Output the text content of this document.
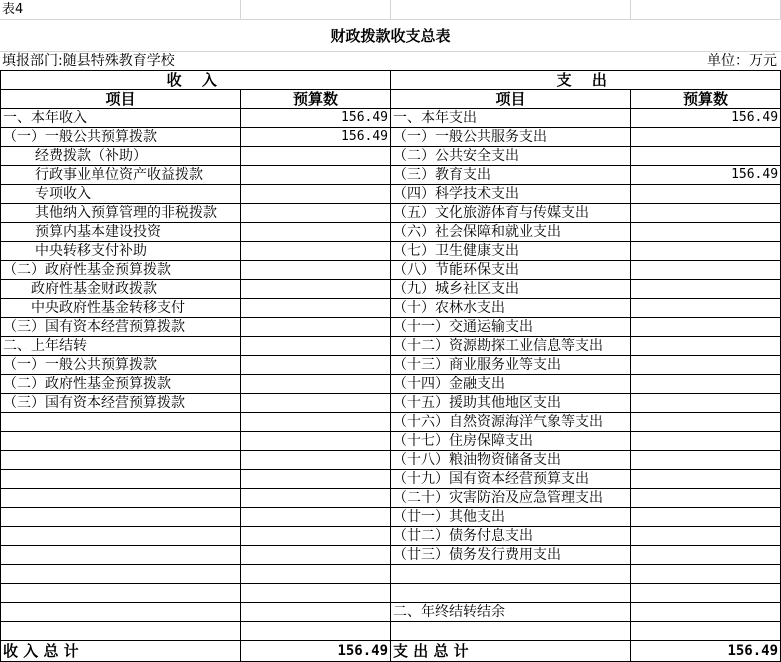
表4
财政拨款收支总表
填报部门:随县特殊教育学校	单位：万元
收 入		支 出	
项目	预算数	项目	预算数
一、本年收入	156.49	一、本年支出	156.49
（一）一般公共预算拨款	156.49	（一）一般公共服务支出	
经费拨款（补助）		（二）公共安全支出	
行政事业单位资产收益拨款		（三）教育支出	156.49
专项收入		（四）科学技术支出	
其他纳入预算管理的非税拨款		（五）文化旅游体育与传媒支出	
预算内基本建设投资		（六）社会保障和就业支出	
中央转移支付补助		（七）卫生健康支出	
（二）政府性基金预算拨款		（八）节能环保支出	
政府性基金财政拨款		（九）城乡社区支出	
中央政府性基金转移支付		（十）农林水支出	
（三）国有资本经营预算拨款		（十一）交通运输支出	
二、上年结转		（十二）资源勘探工业信息等支出	
（一）一般公共预算拨款		（十三）商业服务业等支出	
（二）政府性基金预算拨款		（十四）金融支出	
（三）国有资本经营预算拨款		（十五）援助其他地区支出	
		（十六）自然资源海洋气象等支出	
		（十七）住房保障支出	
		（十八）粮油物资储备支出	
		（十九）国有资本经营预算支出	
		（二十）灾害防治及应急管理支出	
		（廿一）其他支出	
		（廿二）债务付息支出	
		（廿三）债务发行费用支出	

		二、年终结转结余	

收 入 总 计	156.49	支 出 总 计	156.49
